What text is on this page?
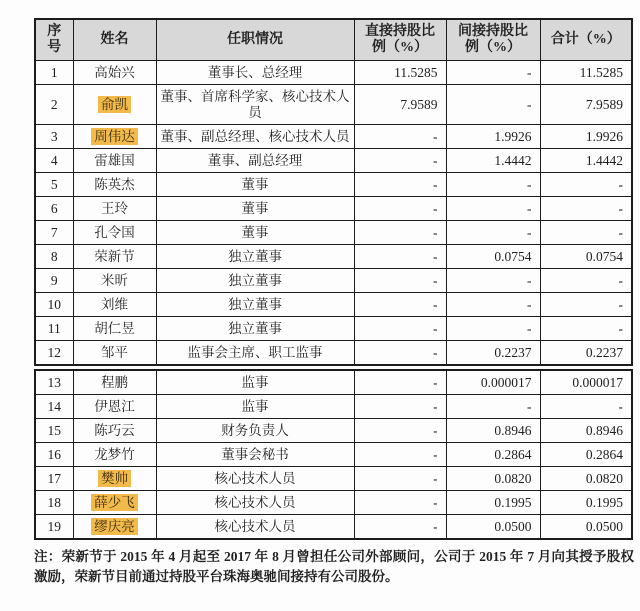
序号	姓名	任职情况	直接持股比例（%）	间接持股比例（%）	合计（%）
1	高始兴	董事长、总经理	11.5285	-	11.5285
2	俞凯	董事、首席科学家、核心技术人员	7.9589	-	7.9589
3	周伟达	董事、副总经理、核心技术人员	-	1.9926	1.9926
4	雷雄国	董事、副总经理	-	1.4442	1.4442
5	陈英杰	董事	-	-	-
6	王玲	董事	-	-	-
7	孔令国	董事	-	-	-
8	荣新节	独立董事	-	0.0754	0.0754
9	米昕	独立董事	-	-	-
10	刘维	独立董事	-	-	-
11	胡仁昱	独立董事	-	-	-
12	邹平	监事会主席、职工监事	-	0.2237	0.2237
13	程鹏	监事	-	0.000017	0.000017
14	伊恩江	监事	-	-	-
15	陈巧云	财务负责人	-	0.8946	0.8946
16	龙梦竹	董事会秘书	-	0.2864	0.2864
17	樊帅	核心技术人员	-	0.0820	0.0820
18	薛少飞	核心技术人员	-	0.1995	0.1995
19	缪庆亮	核心技术人员	-	0.0500	0.0500

注：荣新节于 2015 年 4 月起至 2017 年 8 月曾担任公司外部顾问，公司于 2015 年 7 月向其授予股权激励，荣新节目前通过持股平台珠海奥驰间接持有公司股份。
